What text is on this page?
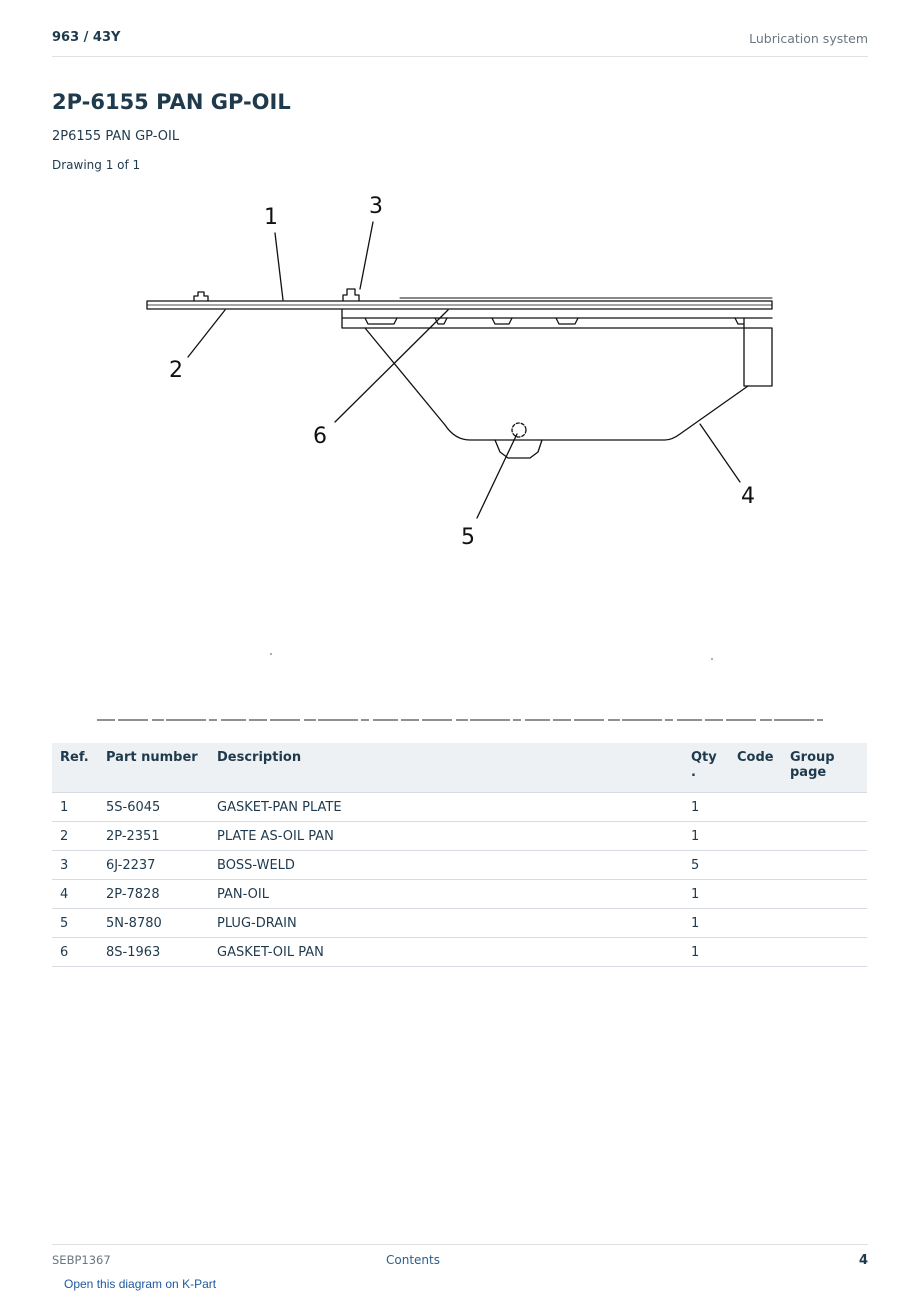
963 / 43Y	Lubrication system
2P-6155 PAN GP-OIL
2P6155 PAN GP-OIL
Drawing 1 of 1
1
2
3
4
5
6
Ref.	Part number	Description	Qty .	Code	Group page
1	5S-6045	GASKET-PAN PLATE	1		
2	2P-2351	PLATE AS-OIL PAN	1		
3	6J-2237	BOSS-WELD	5		
4	2P-7828	PAN-OIL	1		
5	5N-8780	PLUG-DRAIN	1		
6	8S-1963	GASKET-OIL PAN	1		
SEBP1367	Contents	4
Open this diagram on K-Part
